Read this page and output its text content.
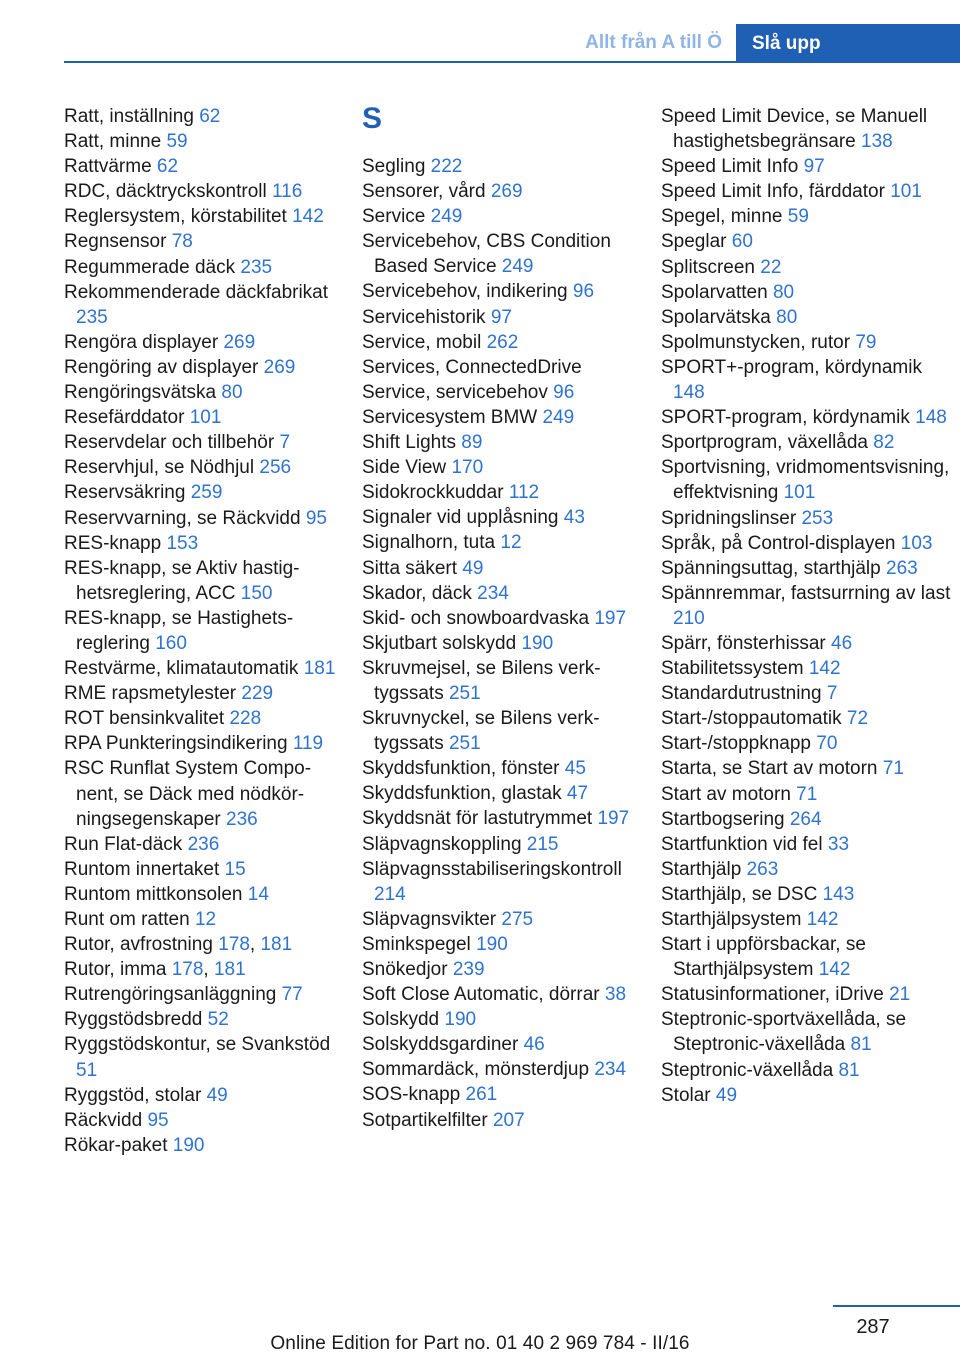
Allt från A till Ö	Slå upp

Ratt, inställning 62

Ratt, minne 59

Rattvärme 62

RDC, däcktryckskontroll 116

Reglersystem, körstabilitet 142

Regnsensor 78

Regummerade däck 235

Rekommenderade däckfabrikat 235

Rengöra displayer 269

Rengöring av displayer 269

Rengöringsvätska 80

Resefärddator 101

Reservdelar och tillbehör 7

Reservhjul, se Nödhjul 256

Reservsäkring 259

Reservvarning, se Räckvidd 95

RES-knapp 153

RES-knapp, se Aktiv hastighetsreglering, ACC 150

RES-knapp, se Hastighetsreglering 160

Restvärme, klimatautomatik 181

RME rapsmetylester 229

ROT bensinkvalitet 228

RPA Punkteringsindikering 119

RSC Runflat System Component, se Däck med nödkörningsegenskaper 236

Run Flat-däck 236

Runtom innertaket 15

Runtom mittkonsolen 14

Runt om ratten 12

Rutor, avfrostning 178, 181

Rutor, imma 178, 181

Rutrengöringsanläggning 77

Ryggstödsbredd 52

Ryggstödskontur, se Svankstöd 51

Ryggstöd, stolar 49

Räckvidd 95

Rökar-paket 190

S

Segling 222

Sensorer, vård 269

Service 249

Servicebehov, CBS Condition Based Service 249

Servicebehov, indikering 96

Servicehistorik 97

Service, mobil 262

Services, ConnectedDrive

Service, servicebehov 96

Servicesystem BMW 249

Shift Lights 89

Side View 170

Sidokrockkuddar 112

Signaler vid upplåsning 43

Signalhorn, tuta 12

Sitta säkert 49

Skador, däck 234

Skid- och snowboardvaska 197

Skjutbart solskydd 190

Skruvmejsel, se Bilens verktygssats 251

Skruvnyckel, se Bilens verktygssats 251

Skyddsfunktion, fönster 45

Skyddsfunktion, glastak 47

Skyddsnät för lastutrymmet 197

Släpvagnskoppling 215

Släpvagnsstabiliseringskontroll 214

Släpvagnsvikter 275

Sminkspegel 190

Snökedjor 239

Soft Close Automatic, dörrar 38

Solskydd 190

Solskyddsgardiner 46

Sommardäck, mönsterdjup 234

SOS-knapp 261

Sotpartikelfilter 207

Speed Limit Device, se Manuell hastighetsbegränsare 138

Speed Limit Info 97

Speed Limit Info, färddator 101

Spegel, minne 59

Speglar 60

Splitscreen 22

Spolarvatten 80

Spolarvätska 80

Spolmunstycken, rutor 79

SPORT+-program, kördynamik 148

SPORT-program, kördynamik 148

Sportprogram, växellåda 82

Sportvisning, vridmomentsvisning, effektvisning 101

Spridningslinser 253

Språk, på Control-displayen 103

Spänningsuttag, starthjälp 263

Spännremmar, fastsurrning av last 210

Spärr, fönsterhissar 46

Stabilitetssystem 142

Standardutrustning 7

Start-/stoppautomatik 72

Start-/stoppknapp 70

Starta, se Start av motorn 71

Start av motorn 71

Startbogsering 264

Startfunktion vid fel 33

Starthjälp 263

Starthjälp, se DSC 143

Starthjälpsystem 142

Start i uppförsbackar, se Starthjälpsystem 142

Statusinformationer, iDrive 21

Steptronic-sportväxellåda, se Steptronic-växellåda 81

Steptronic-växellåda 81

Stolar 49

287
Online Edition for Part no. 01 40 2 969 784 - II/16
